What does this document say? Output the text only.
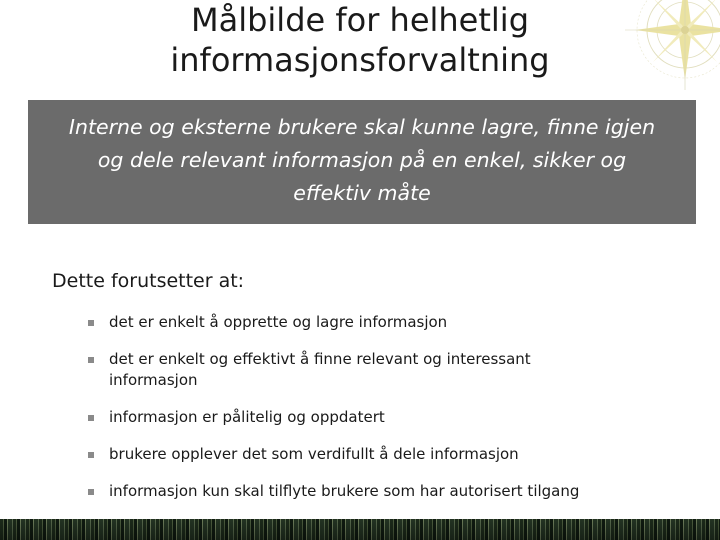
Målbilde for helhetlig
informasjonsforvaltning
Interne og eksterne brukere skal kunne lagre, finne igjen
og dele relevant informasjon på en enkel, sikker og
effektiv måte
Dette forutsetter at:
det er enkelt å opprette og lagre informasjon
det er enkelt og effektivt å finne relevant og interessant
informasjon
informasjon er pålitelig og oppdatert
brukere opplever det som verdifullt å dele informasjon
informasjon kun skal tilflyte brukere som har autorisert tilgang
